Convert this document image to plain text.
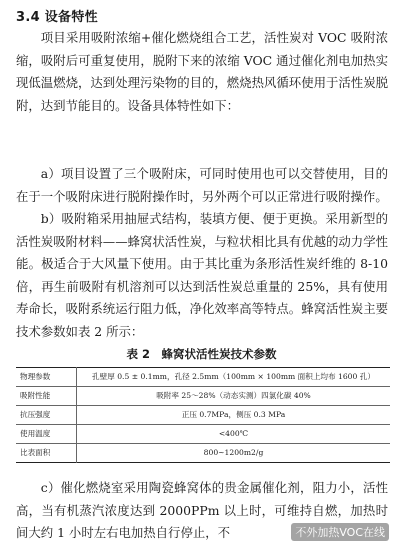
3.4 设备特性

项目采用吸附浓缩+催化燃烧组合工艺，活性炭对 VOC 吸附浓缩，吸附后可重复使用，脱附下来的浓缩 VOC 通过催化剂电加热实现低温燃烧，达到处理污染物的目的，燃烧热风循环使用于活性炭脱附，达到节能目的。设备具体特性如下：

a）项目设置了三个吸附床，可同时使用也可以交替使用，目的在于一个吸附床进行脱附操作时，另外两个可以正常进行吸附操作。

b）吸附箱采用抽屉式结构，装填方便、便于更换。采用新型的活性炭吸附材料——蜂窝状活性炭，与粒状相比具有优越的动力学性能。极适合于大风量下使用。由于其比重为条形活性炭纤维的 8-10 倍，再生前吸附有机溶剂可以达到活性炭总重量的 25%，具有使用寿命长，吸附系统运行阻力低，净化效率高等特点。蜂窝活性炭主要技术参数如表 2 所示：

表 2　蜂窝状活性炭技术参数
物理参数	孔壁厚 0.5 ± 0.1mm，孔径 2.5mm（100mm × 100mm 面积上均布 1600 孔）
吸附性能	吸附率 25～28%（动态实测）四氯化碳 40%
抗压强度	正压 0.7MPa，侧压 0.3 MPa
使用温度	<400℃
比表面积	800~1200m2/g

c）催化燃烧室采用陶瓷蜂窝体的贵金属催化剂，阻力小，活性高，当有机蒸汽浓度达到 2000PPm 以上时，可维持自燃，加热时间大约 1 小时左右电加热自行停止，不	不外加热VOC在线
